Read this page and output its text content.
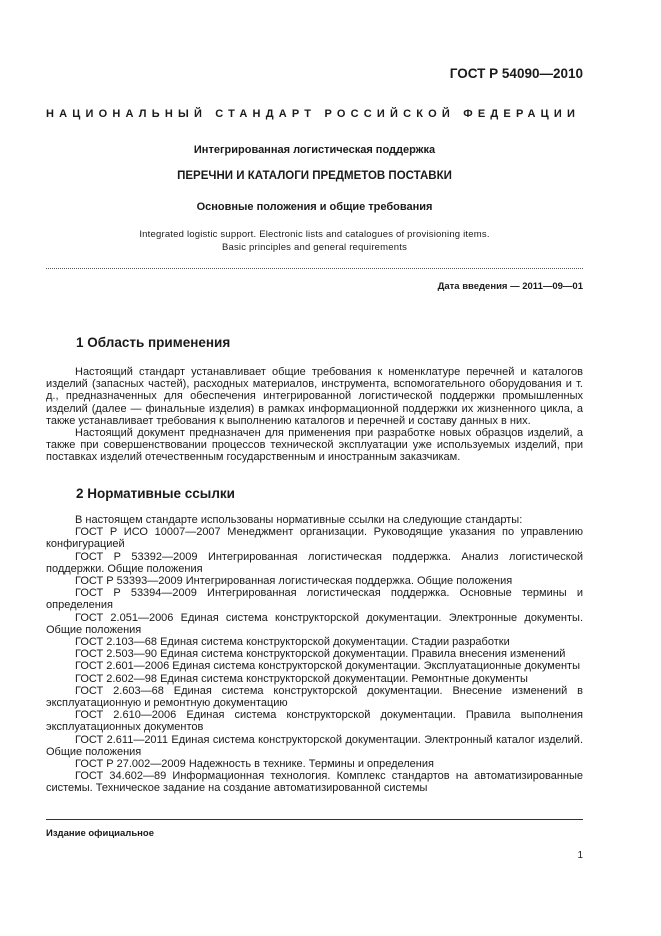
ГОСТ Р 54090—2010
НАЦИОНАЛЬНЫЙ СТАНДАРТ РОССИЙСКОЙ ФЕДЕРАЦИИ
Интегрированная логистическая поддержка
ПЕРЕЧНИ И КАТАЛОГИ ПРЕДМЕТОВ ПОСТАВКИ
Основные положения и общие требования
Integrated logistic support. Electronic lists and catalogues of provisioning items.
Basic principles and general requirements
Дата введения — 2011—09—01
1 Область применения

Настоящий стандарт устанавливает общие требования к номенклатуре перечней и каталогов изделий (запасных частей), расходных материалов, инструмента, вспомогательного оборудования и т. д., предназначенных для обеспечения интегрированной логистической поддержки промышленных изделий (далее — финальные изделия) в рамках информационной поддержки их жизненного цикла, а также устанавливает требования к выполнению каталогов и перечней и составу данных в них.

Настоящий документ предназначен для применения при разработке новых образцов изделий, а также при совершенствовании процессов технической эксплуатации уже используемых изделий, при поставках изделий отечественным государственным и иностранным заказчикам.

2 Нормативные ссылки

В настоящем стандарте использованы нормативные ссылки на следующие стандарты:

ГОСТ Р ИСО 10007—2007 Менеджмент организации. Руководящие указания по управлению конфигурацией

ГОСТ Р 53392—2009 Интегрированная логистическая поддержка. Анализ логистической поддержки. Общие положения

ГОСТ Р 53393—2009 Интегрированная логистическая поддержка. Общие положения

ГОСТ Р 53394—2009 Интегрированная логистическая поддержка. Основные термины и определения

ГОСТ 2.051—2006 Единая система конструкторской документации. Электронные документы. Общие положения

ГОСТ 2.103—68 Единая система конструкторской документации. Стадии разработки

ГОСТ 2.503—90 Единая система конструкторской документации. Правила внесения изменений

ГОСТ 2.601—2006 Единая система конструкторской документации. Эксплуатационные документы

ГОСТ 2.602—98 Единая система конструкторской документации. Ремонтные документы

ГОСТ 2.603—68 Единая система конструкторской документации. Внесение изменений в эксплуатационную и ремонтную документацию

ГОСТ 2.610—2006 Единая система конструкторской документации. Правила выполнения эксплуатационных документов

ГОСТ 2.611—2011 Единая система конструкторской документации. Электронный каталог изделий. Общие положения

ГОСТ Р 27.002—2009 Надежность в технике. Термины и определения

ГОСТ 34.602—89 Информационная технология. Комплекс стандартов на автоматизированные системы. Техническое задание на создание автоматизированной системы

Издание официальное
1
